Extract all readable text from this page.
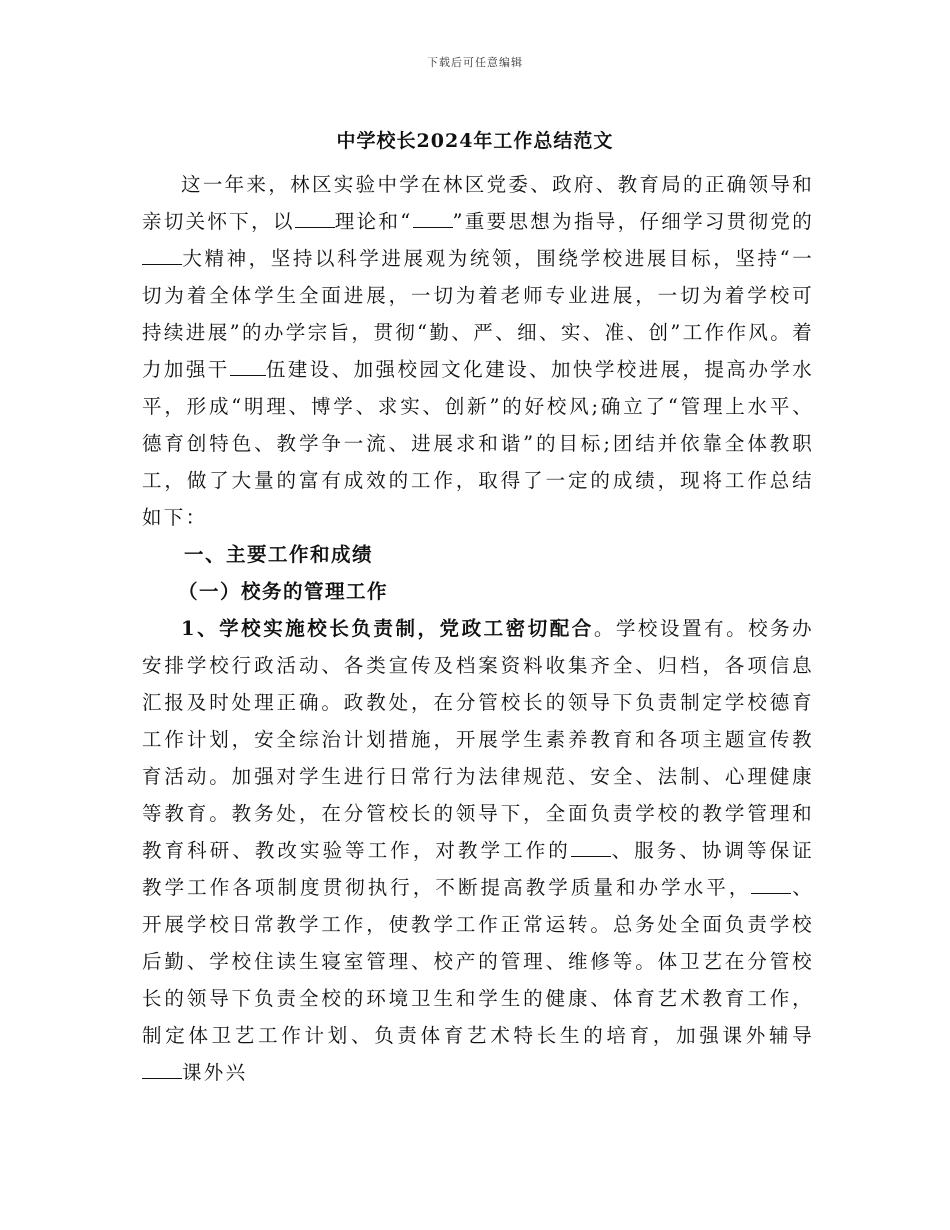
下载后可任意编辑
中学校长2024年工作总结范文

这一年来，林区实验中学在林区党委、政府、教育局的正确领导和亲切关怀下，以 理论和“ ”重要思想为指导，仔细学习贯彻党的大精神，坚持以科学进展观为统领，围绕学校进展目标，坚持“一切为着全体学生全面进展，一切为着老师专业进展，一切为着学校可持续进展”的办学宗旨，贯彻“勤、严、细、实、准、创”工作作风。着力加强干 伍建设、加强校园文化建设、加快学校进展，提高办学水平，形成“明理、博学、求实、创新”的好校风;确立了“管理上水平、德育创特色、教学争一流、进展求和谐”的目标;团结并依靠全体教职工，做了大量的富有成效的工作，取得了一定的成绩，现将工作总结如下：

一、主要工作和成绩

（一）校务的管理工作

1、学校实施校长负责制，党政工密切配合。学校设置有。校务办安排学校行政活动、各类宣传及档案资料收集齐全、归档，各项信息汇报及时处理正确。政教处，在分管校长的领导下负责制定学校德育工作计划，安全综治计划措施，开展学生素养教育和各项主题宣传教育活动。加强对学生进行日常行为法律规范、安全、法制、心理健康等教育。教务处，在分管校长的领导下，全面负责学校的教学管理和教育科研、教改实验等工作，对教学工作的 、服务、协调等保证教学工作各项制度贯彻执行，不断提高教学质量和办学水平， 、开展学校日常教学工作，使教学工作正常运转。总务处全面负责学校后勤、学校住读生寝室管理、校产的管理、维修等。体卫艺在分管校长的领导下负责全校的环境卫生和学生的健康、体育艺术教育工作，制定体卫艺工作计划、负责体育艺术特长生的培育，加强课外辅导课外兴
